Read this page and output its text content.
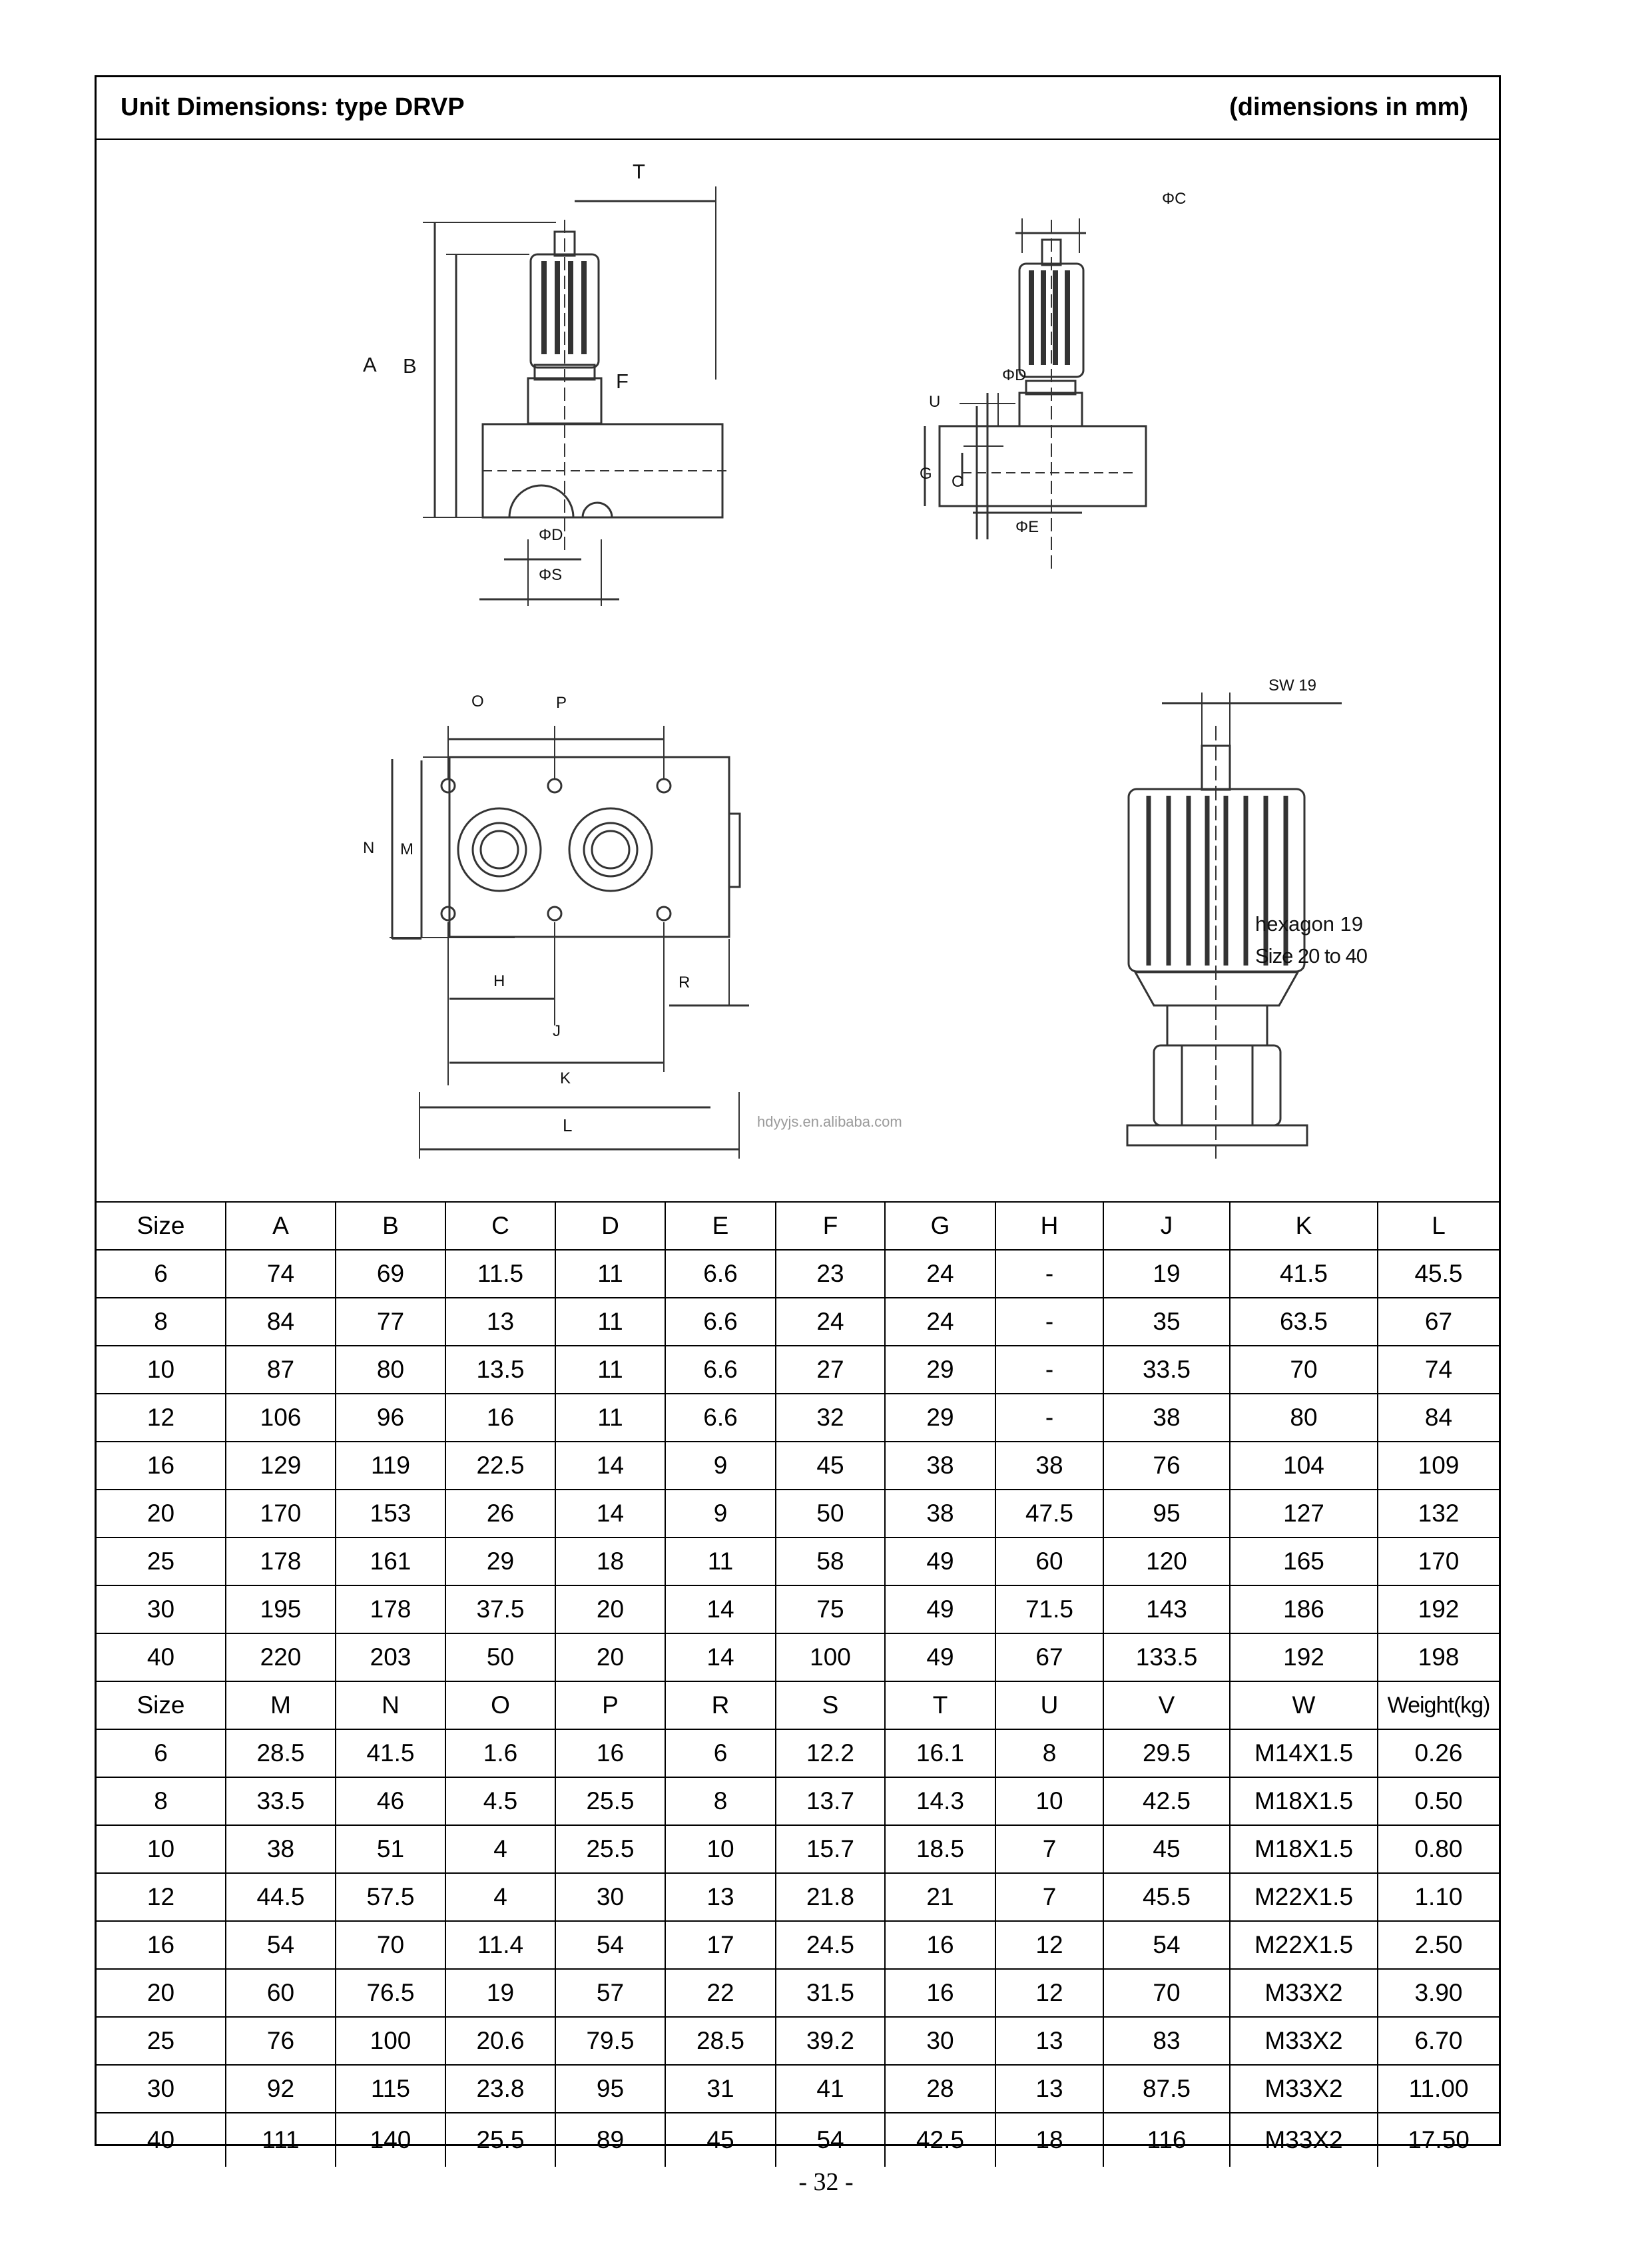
Unit Dimensions: type DRVP	(dimensions in mm)
T
A B
F
ΦD
ΦS
ΦC
ΦD
U
G C
ΦE
O	P
N M
H
J
R
K
L
SW 19
hexagon 19
Size 20 to 40
hdyyjs.en.alibaba.com
Size	A	B	C	D	E	F	G	H	J	K	L
6	74	69	11.5	11	6.6	23	24	-	19	41.5	45.5
8	84	77	13	11	6.6	24	24	-	35	63.5	67
10	87	80	13.5	11	6.6	27	29	-	33.5	70	74
12	106	96	16	11	6.6	32	29	-	38	80	84
16	129	119	22.5	14	9	45	38	38	76	104	109
20	170	153	26	14	9	50	38	47.5	95	127	132
25	178	161	29	18	11	58	49	60	120	165	170
30	195	178	37.5	20	14	75	49	71.5	143	186	192
40	220	203	50	20	14	100	49	67	133.5	192	198
Size	M	N	O	P	R	S	T	U	V	W	Weight(kg)
6	28.5	41.5	1.6	16	6	12.2	16.1	8	29.5	M14X1.5	0.26
8	33.5	46	4.5	25.5	8	13.7	14.3	10	42.5	M18X1.5	0.50
10	38	51	4	25.5	10	15.7	18.5	7	45	M18X1.5	0.80
12	44.5	57.5	4	30	13	21.8	21	7	45.5	M22X1.5	1.10
16	54	70	11.4	54	17	24.5	16	12	54	M22X1.5	2.50
20	60	76.5	19	57	22	31.5	16	12	70	M33X2	3.90
25	76	100	20.6	79.5	28.5	39.2	30	13	83	M33X2	6.70
30	92	115	23.8	95	31	41	28	13	87.5	M33X2	11.00
40	111	140	25.5	89	45	54	42.5	18	116	M33X2	17.50
- 32 -
